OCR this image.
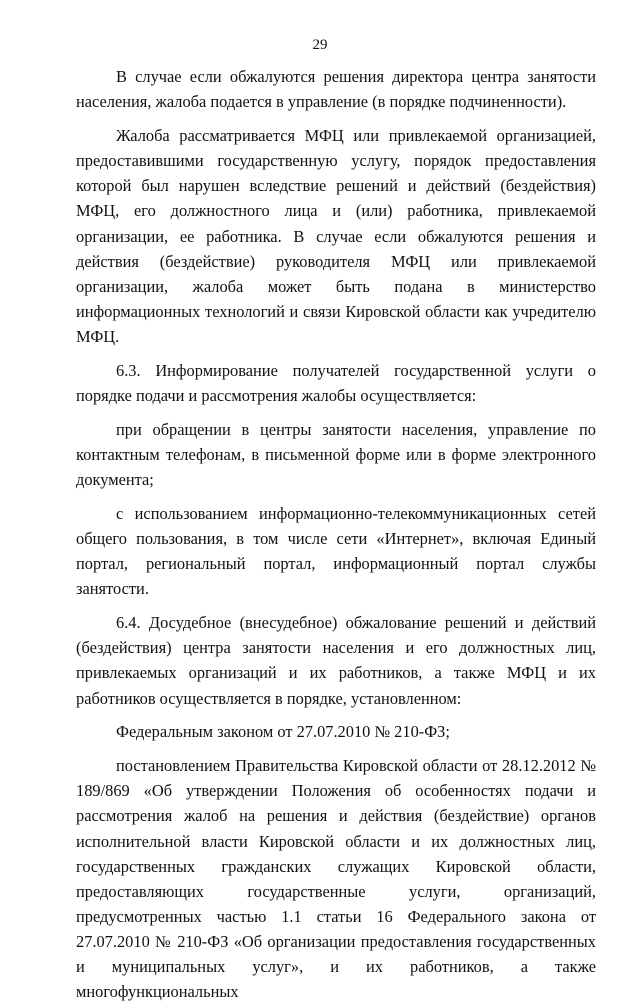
29

В случае если обжалуются решения директора центра занятости населения, жалоба подается в управление (в порядке подчиненности).

Жалоба рассматривается МФЦ или привлекаемой организацией, предоставившими государственную услугу, порядок предоставления которой был нарушен вследствие решений и действий (бездействия) МФЦ, его должностного лица и (или) работника, привлекаемой организации, ее работника. В случае если обжалуются решения и действия (бездействие) руководителя МФЦ или привлекаемой организации, жалоба может быть подана в министерство информационных технологий и связи Кировской области как учредителю МФЦ.

6.3. Информирование получателей государственной услуги о порядке подачи и рассмотрения жалобы осуществляется:

при обращении в центры занятости населения, управление по контактным телефонам, в письменной форме или в форме электронного документа;

с использованием информационно-телекоммуникационных сетей общего пользования, в том числе сети «Интернет», включая Единый портал, региональный портал, информационный портал службы занятости.

6.4. Досудебное (внесудебное) обжалование решений и действий (бездействия) центра занятости населения и его должностных лиц, привлекаемых организаций и их работников, а также МФЦ и их работников осуществляется в порядке, установленном:

Федеральным законом от 27.07.2010 № 210-ФЗ;

постановлением Правительства Кировской области от 28.12.2012 № 189/869 «Об утверждении Положения об особенностях подачи и рассмотрения жалоб на решения и действия (бездействие) органов исполнительной власти Кировской области и их должностных лиц, государственных гражданских служащих Кировской области, предоставляющих государственные услуги, организаций, предусмотренных частью 1.1 статьи 16 Федерального закона от 27.07.2010 № 210-ФЗ «Об организации предоставления государственных и муниципальных услуг», и их работников, а также многофункциональных
